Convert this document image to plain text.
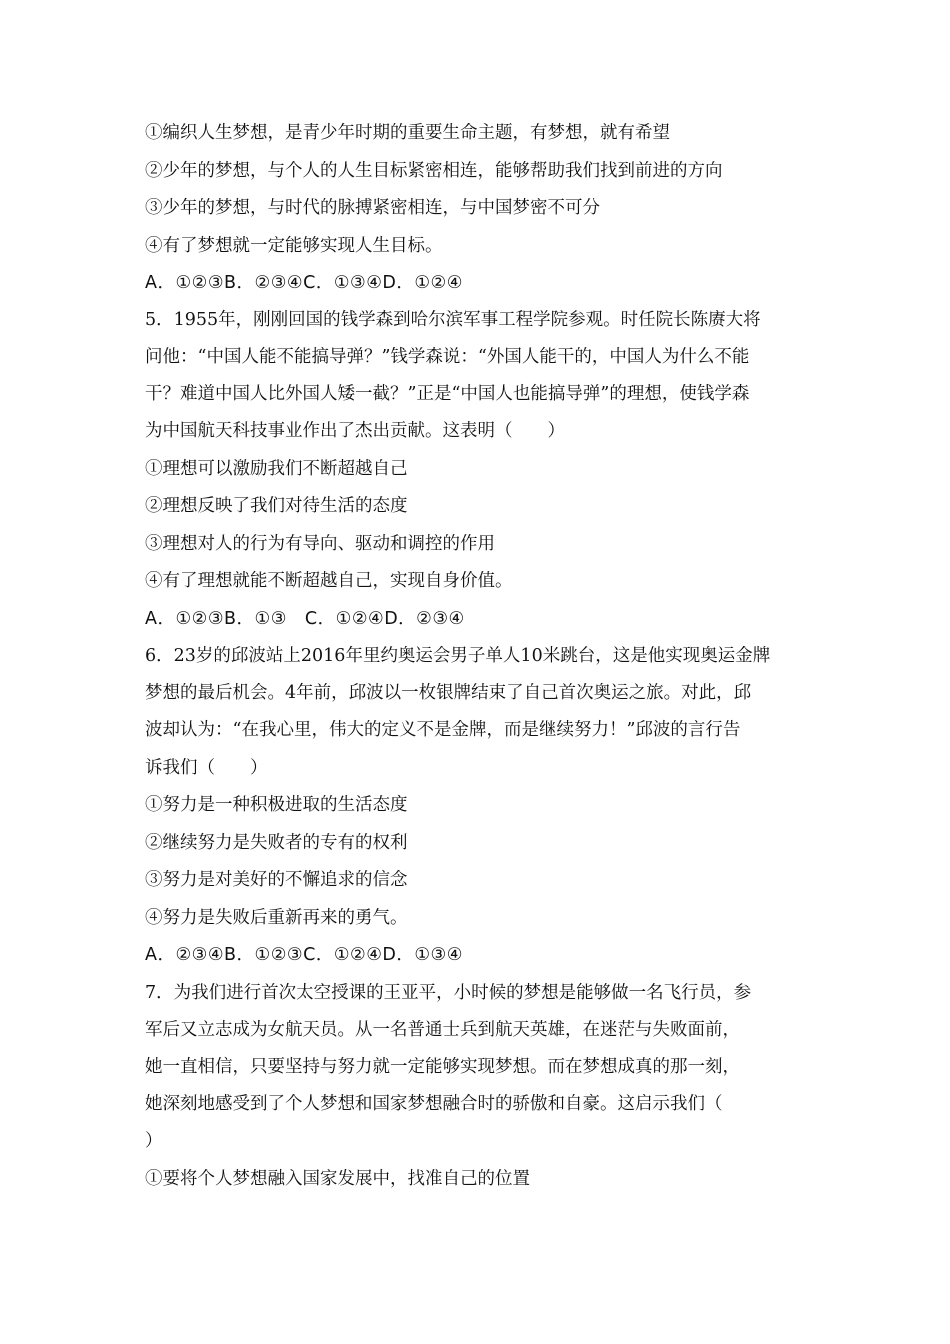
①编织人生梦想，是青少年时期的重要生命主题，有梦想，就有希望
②少年的梦想，与个人的人生目标紧密相连，能够帮助我们找到前进的方向
③少年的梦想，与时代的脉搏紧密相连，与中国梦密不可分
④有了梦想就一定能够实现人生目标。
A．①②③B．②③④C．①③④D．①②④
5．1955年，刚刚回国的钱学森到哈尔滨军事工程学院参观。时任院长陈赓大将
问他：“中国人能不能搞导弹？”钱学森说：“外国人能干的，中国人为什么不能
干？难道中国人比外国人矮一截？”正是“中国人也能搞导弹”的理想，使钱学森
为中国航天科技事业作出了杰出贡献。这表明（　　）
①理想可以激励我们不断超越自己
②理想反映了我们对待生活的态度
③理想对人的行为有导向、驱动和调控的作用
④有了理想就能不断超越自己，实现自身价值。
A．①②③B．①③　C．①②④D．②③④
6．23岁的邱波站上2016年里约奥运会男子单人10米跳台，这是他实现奥运金牌
梦想的最后机会。4年前，邱波以一枚银牌结束了自己首次奥运之旅。对此，邱
波却认为：“在我心里，伟大的定义不是金牌，而是继续努力！”邱波的言行告
诉我们（　　）
①努力是一种积极进取的生活态度
②继续努力是失败者的专有的权利
③努力是对美好的不懈追求的信念
④努力是失败后重新再来的勇气。
A．②③④B．①②③C．①②④D．①③④
7．为我们进行首次太空授课的王亚平，小时候的梦想是能够做一名飞行员，参
军后又立志成为女航天员。从一名普通士兵到航天英雄，在迷茫与失败面前，
她一直相信，只要坚持与努力就一定能够实现梦想。而在梦想成真的那一刻，
她深刻地感受到了个人梦想和国家梦想融合时的骄傲和自豪。这启示我们（
）
①要将个人梦想融入国家发展中，找准自己的位置
